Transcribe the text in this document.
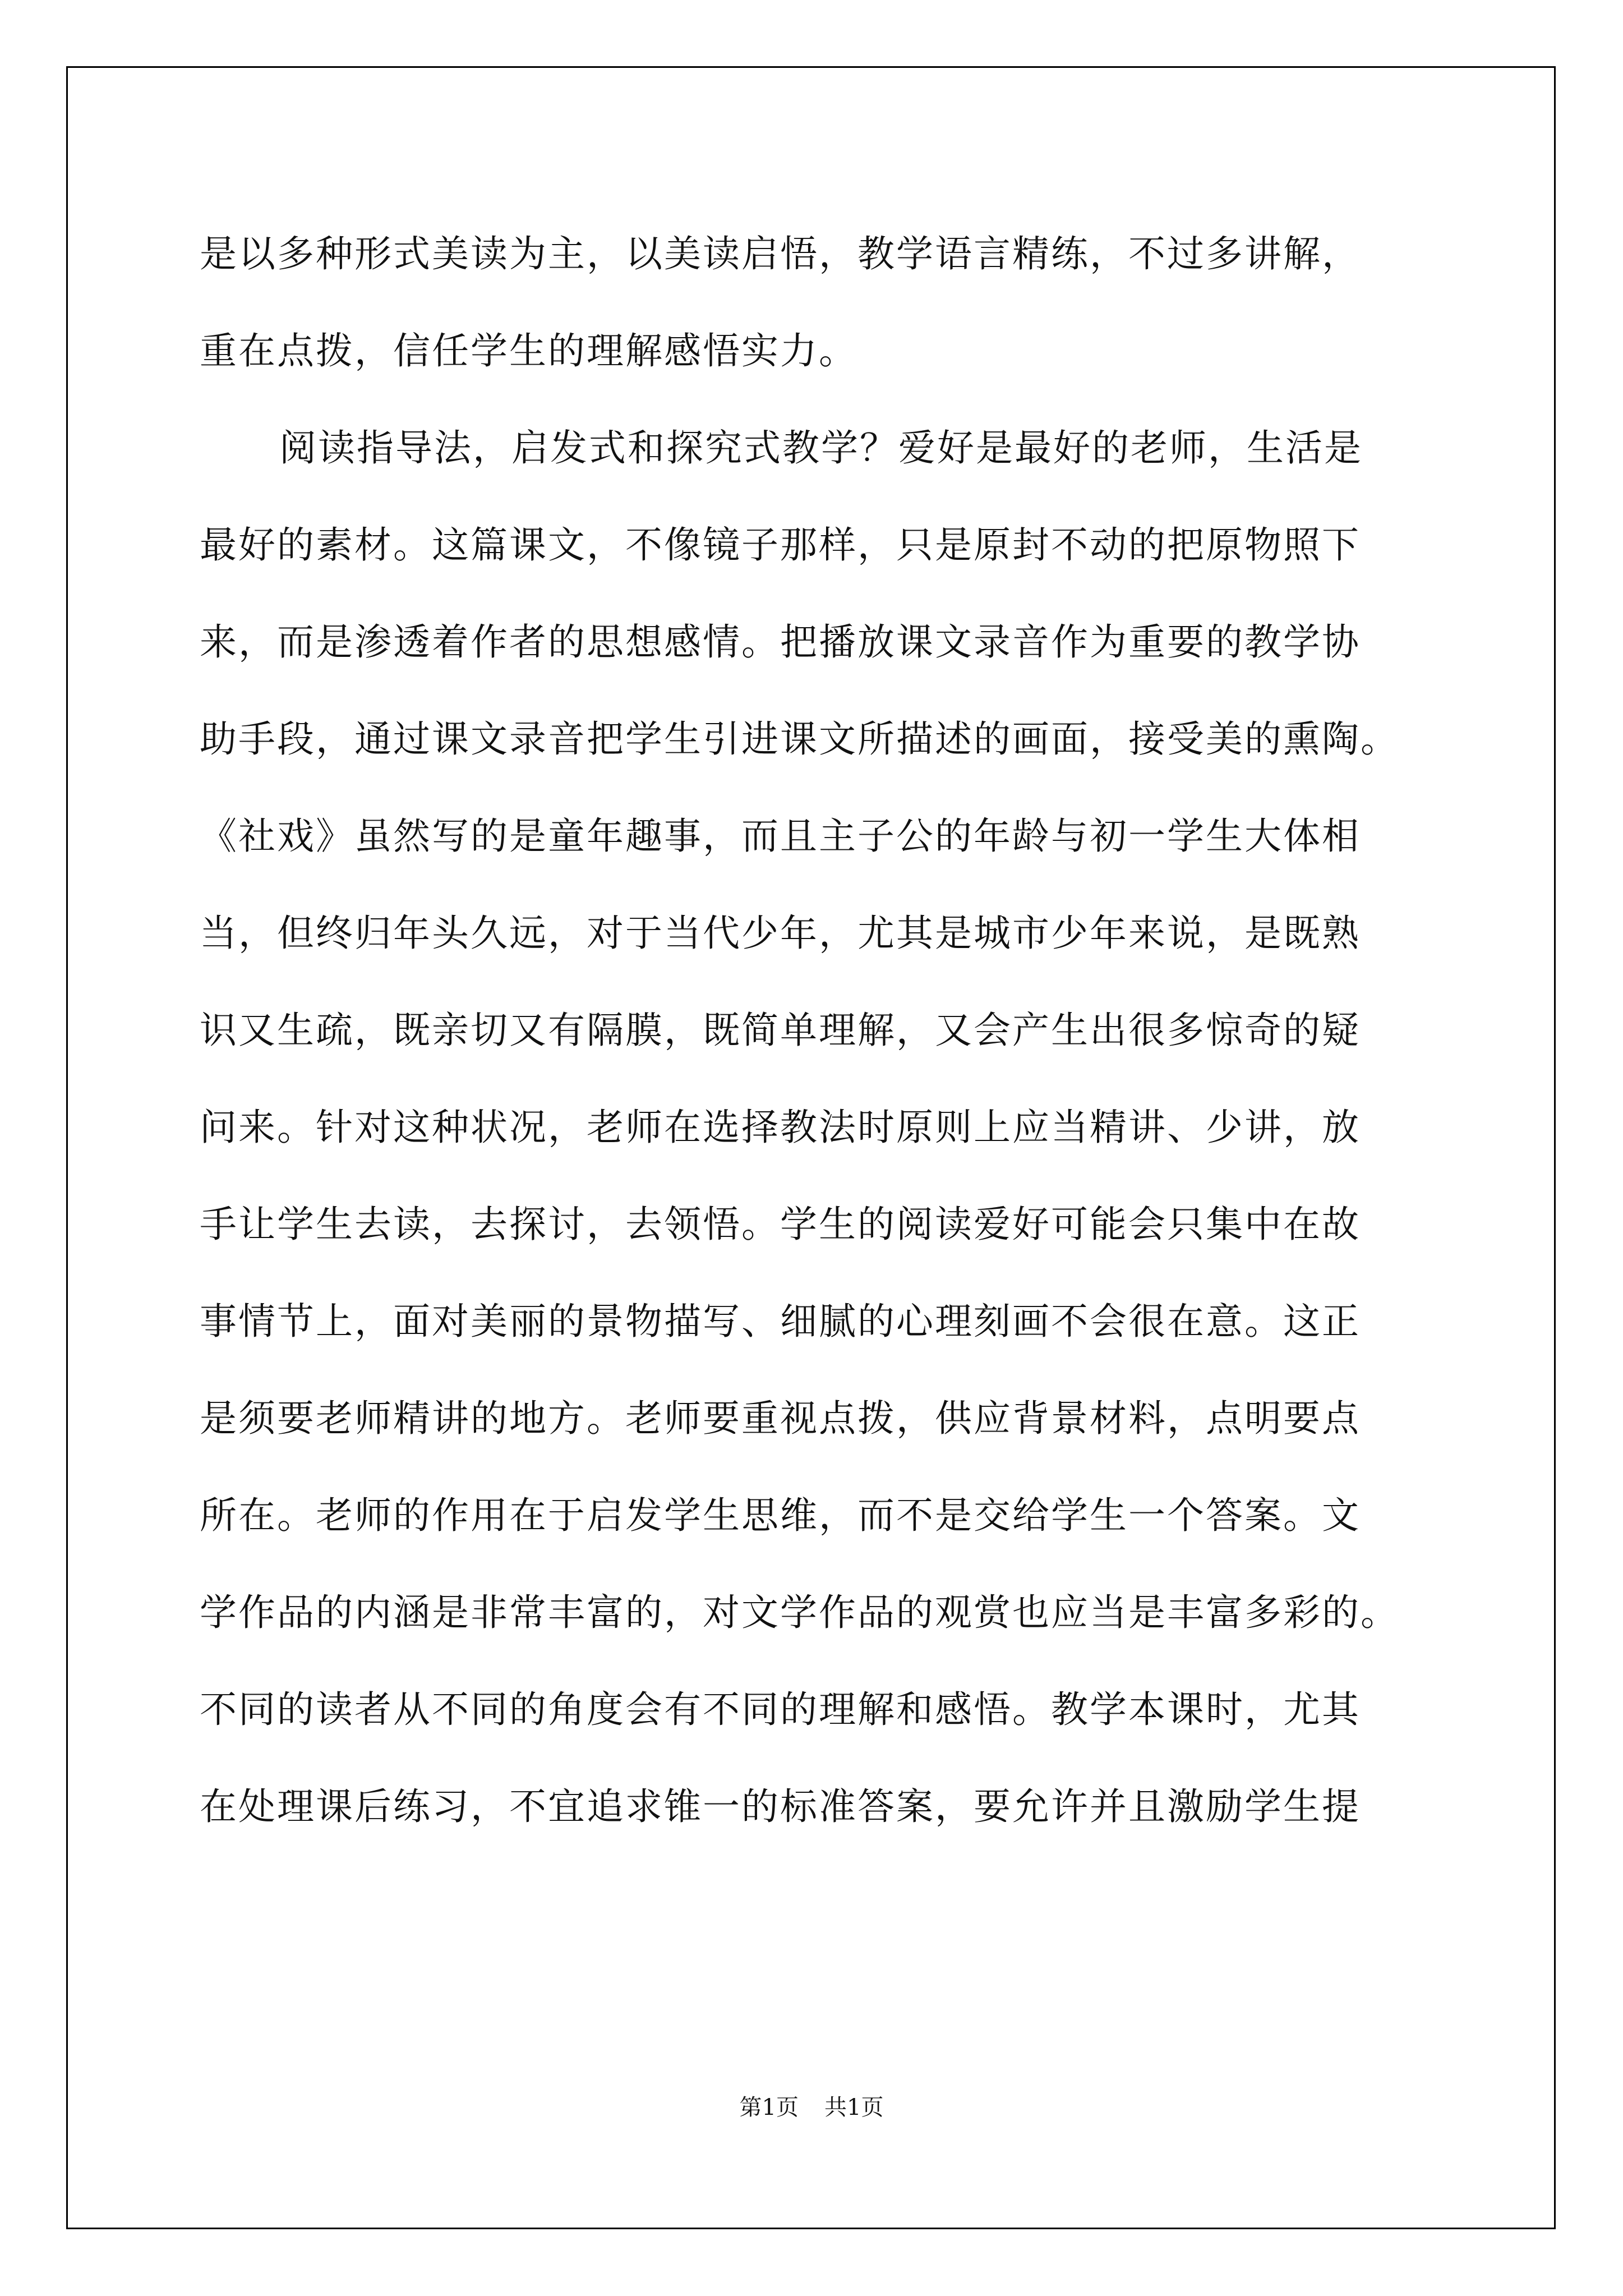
是以多种形式美读为主，以美读启悟，教学语言精练，不过多讲解，
重在点拨，信任学生的理解感悟实力。
阅读指导法，启发式和探究式教学？爱好是最好的老师，生活是
最好的素材。这篇课文，不像镜子那样，只是原封不动的把原物照下
来，而是渗透着作者的思想感情。把播放课文录音作为重要的教学协
助手段，通过课文录音把学生引进课文所描述的画面，接受美的熏陶。
《社戏》虽然写的是童年趣事，而且主子公的年龄与初一学生大体相
当，但终归年头久远，对于当代少年，尤其是城市少年来说，是既熟
识又生疏，既亲切又有隔膜，既简单理解，又会产生出很多惊奇的疑
问来。针对这种状况，老师在选择教法时原则上应当精讲、少讲，放
手让学生去读，去探讨，去领悟。学生的阅读爱好可能会只集中在故
事情节上，面对美丽的景物描写、细腻的心理刻画不会很在意。这正
是须要老师精讲的地方。老师要重视点拨，供应背景材料，点明要点
所在。老师的作用在于启发学生思维，而不是交给学生一个答案。文
学作品的内涵是非常丰富的，对文学作品的观赏也应当是丰富多彩的。
不同的读者从不同的角度会有不同的理解和感悟。教学本课时，尤其
在处理课后练习，不宜追求锥一的标准答案，要允许并且激励学生提
第1页 共1页
